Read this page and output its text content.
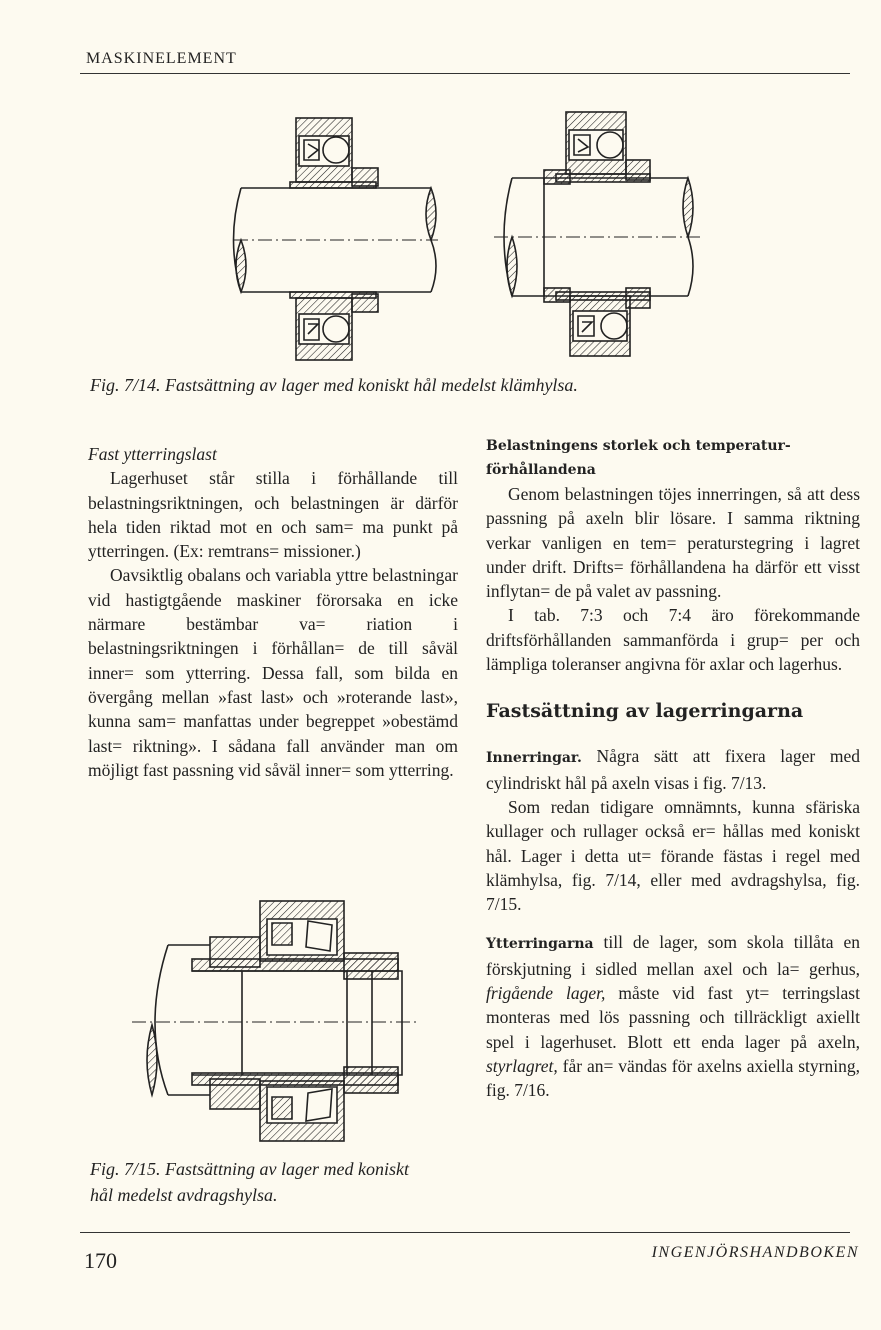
MASKINELEMENT
Fig. 7/14. Fastsättning av lager med koniskt hål medelst klämhylsa.

Fast ytterringslast

Lagerhuset står stilla i förhållande till belastningsriktningen, och belastningen är därför hela tiden riktad mot en och sam= ma punkt på ytterringen. (Ex: remtrans= missioner.)

Oavsiktlig obalans och variabla yttre belastningar vid hastigtgående maskiner förorsaka en icke närmare bestämbar va= riation i belastningsriktningen i förhållan= de till såväl inner= som ytterring. Dessa fall, som bilda en övergång mellan »fast last» och »roterande last», kunna sam= manfattas under begreppet »obestämd last= riktning». I sådana fall använder man om möjligt fast passning vid såväl inner= som ytterring.

Fig. 7/15. Fastsättning av lager med koniskt hål medelst avdragshylsa.

Belastningens storlek och temperatur- förhållandena

Genom belastningen töjes innerringen, så att dess passning på axeln blir lösare. I samma riktning verkar vanligen en tem= peraturstegring i lagret under drift. Drifts= förhållandena ha därför ett visst inflytan= de på valet av passning.

I tab. 7:3 och 7:4 äro förekommande driftsförhållanden sammanförda i grup= per och lämpliga toleranser angivna för axlar och lagerhus.

Fastsättning av lagerringarna

Innerringar. Några sätt att fixera lager med cylindriskt hål på axeln visas i fig. 7/13.

Som redan tidigare omnämnts, kunna sfäriska kullager och rullager också er= hållas med koniskt hål. Lager i detta ut= förande fästas i regel med klämhylsa, fig. 7/14, eller med avdragshylsa, fig. 7/15.

Ytterringarna till de lager, som skola tillåta en förskjutning i sidled mellan axel och la= gerhus, frigående lager, måste vid fast yt= terringslast monteras med lös passning och tillräckligt axiellt spel i lagerhuset. Blott ett enda lager på axeln, styrlagret, får an= vändas för axelns axiella styrning, fig. 7/16.

170	INGENJÖRSHANDBOKEN
